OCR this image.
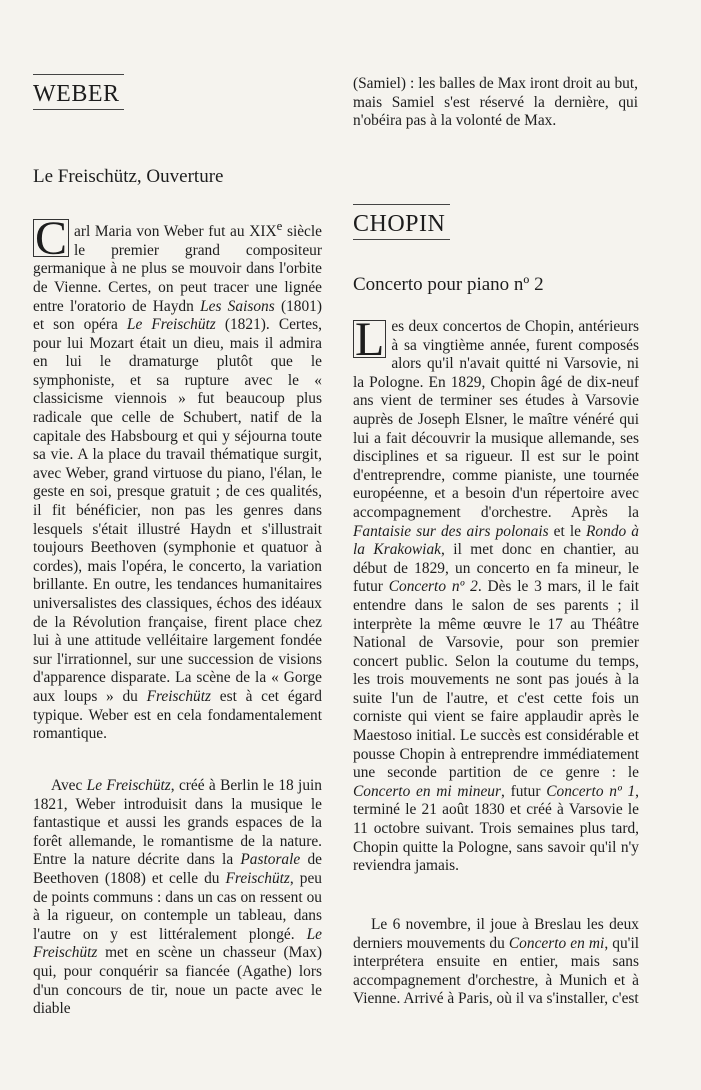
WEBER
Le Freischütz, Ouverture

C arl Maria von Weber fut au XIXe siècle le premier grand compositeur germanique à ne plus se mouvoir dans l'orbite de Vienne. Certes, on peut tracer une lignée entre l'oratorio de Haydn Les Saisons (1801) et son opéra Le Freischütz (1821). Certes, pour lui Mozart était un dieu, mais il admira en lui le dramaturge plutôt que le symphoniste, et sa rupture avec le « classicisme viennois » fut beaucoup plus radicale que celle de Schubert, natif de la capitale des Habsbourg et qui y séjourna toute sa vie. A la place du travail thématique surgit, avec Weber, grand virtuose du piano, l'élan, le geste en soi, presque gratuit ; de ces qualités, il fit bénéficier, non pas les genres dans lesquels s'était illustré Haydn et s'illustrait toujours Beethoven (symphonie et quatuor à cordes), mais l'opéra, le concerto, la variation brillante. En outre, les tendances humanitaires universalistes des classiques, échos des idéaux de la Révolution française, firent place chez lui à une attitude velléitaire largement fondée sur l'irrationnel, sur une succession de visions d'apparence disparate. La scène de la « Gorge aux loups » du Freischütz est à cet égard typique. Weber est en cela fondamentalement romantique.

Avec Le Freischütz, créé à Berlin le 18 juin 1821, Weber introduisit dans la musique le fantastique et aussi les grands espaces de la forêt allemande, le romantisme de la nature. Entre la nature décrite dans la Pastorale de Beethoven (1808) et celle du Freischütz, peu de points communs : dans un cas on ressent ou à la rigueur, on contemple un tableau, dans l'autre on y est littéralement plongé. Le Freischütz met en scène un chasseur (Max) qui, pour conquérir sa fiancée (Agathe) lors d'un concours de tir, noue un pacte avec le diable

(Samiel) : les balles de Max iront droit au but, mais Samiel s'est réservé la dernière, qui n'obéira pas à la volonté de Max.

CHOPIN
Concerto pour piano nº 2

L es deux concertos de Chopin, antérieurs à sa vingtième année, furent composés alors qu'il n'avait quitté ni Varsovie, ni la Pologne. En 1829, Chopin âgé de dix-neuf ans vient de terminer ses études à Varsovie auprès de Joseph Elsner, le maître vénéré qui lui a fait découvrir la musique allemande, ses disciplines et sa rigueur. Il est sur le point d'entreprendre, comme pianiste, une tournée européenne, et a besoin d'un répertoire avec accompagnement d'orchestre. Après la Fantaisie sur des airs polonais et le Rondo à la Krakowiak, il met donc en chantier, au début de 1829, un concerto en fa mineur, le futur Concerto nº 2. Dès le 3 mars, il le fait entendre dans le salon de ses parents ; il interprète la même œuvre le 17 au Théâtre National de Varsovie, pour son premier concert public. Selon la coutume du temps, les trois mouvements ne sont pas joués à la suite l'un de l'autre, et c'est cette fois un corniste qui vient se faire applaudir après le Maestoso initial. Le succès est considérable et pousse Chopin à entreprendre immédiatement une seconde partition de ce genre : le Concerto en mi mineur, futur Concerto nº 1, terminé le 21 août 1830 et créé à Varsovie le 11 octobre suivant. Trois semaines plus tard, Chopin quitte la Pologne, sans savoir qu'il n'y reviendra jamais.

Le 6 novembre, il joue à Breslau les deux derniers mouvements du Concerto en mi, qu'il interprétera ensuite en entier, mais sans accompagnement d'orchestre, à Munich et à Vienne. Arrivé à Paris, où il va s'installer, c'est
